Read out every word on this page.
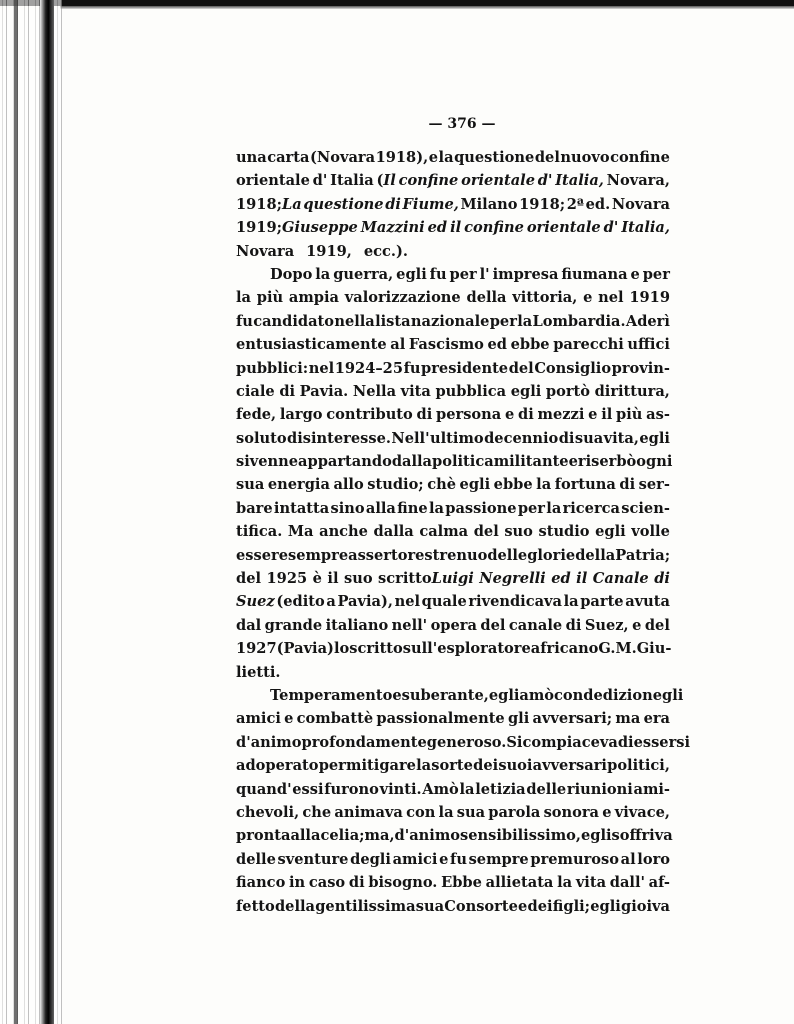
— 376 —
una carta (Novara 1918), e la questione del nuovo confine
orientale d' Italia (Il confine orientale d' Italia, Novara,
1918;La questione di Fiume, Milano 1918; 2ª ed. Novara
1919;Giuseppe Mazzini ed il confine orientale d' Italia,
Novara 1919, ecc.).
Dopo la guerra, egli fu per l' impresa fiumana e per
la più ampia valorizzazione della vittoria, e nel 1919
fu candidato nella lista nazionale per la Lombardia. Aderì
entusiasticamente al Fascismo ed ebbe parecchi uffici
pubblici: nel 1924–25 fu presidente del Consiglio provin-
ciale di Pavia. Nella vita pubblica egli portò dirittura,
fede, largo contributo di persona e di mezzi e il più as-
soluto disinteresse. Nell' ultimo decennio di sua vita, egli
si venne appartando dalla politica militante e riserbò ogni
sua energia allo studio; chè egli ebbe la fortuna di ser-
bare intatta sino alla fine la passione per la ricerca scien-
tifica. Ma anche dalla calma del suo studio egli volle
essere sempre assertore strenuo delle glorie della Patria;
del 1925 è il suo scrittoLuigi Negrelli ed il Canale di
Suez (edito a Pavia), nel quale rivendicava la parte avuta
dal grande italiano nell' opera del canale di Suez, e del
1927 (Pavia) lo scritto sull' esploratore africano G. M. Giu-
lietti.
Temperamento esuberante, egli amò con dedizione gli
amici e combattè passionalmente gli avversari; ma era
d' animo profondamente generoso. Si compiaceva di essersi
adoperato per mitigare la sorte dei suoi avversari politici,
quand' essi furono vinti. Amò la letizia delle riunioni ami-
chevoli, che animava con la sua parola sonora e vivace,
pronta alla celia; ma, d' animo sensibilissimo, egli soffriva
delle sventure degli amici e fu sempre premuroso al loro
fianco in caso di bisogno. Ebbe allietata la vita dall' af-
fetto della gentilissima sua Consorte e dei figli; egli gioiva
